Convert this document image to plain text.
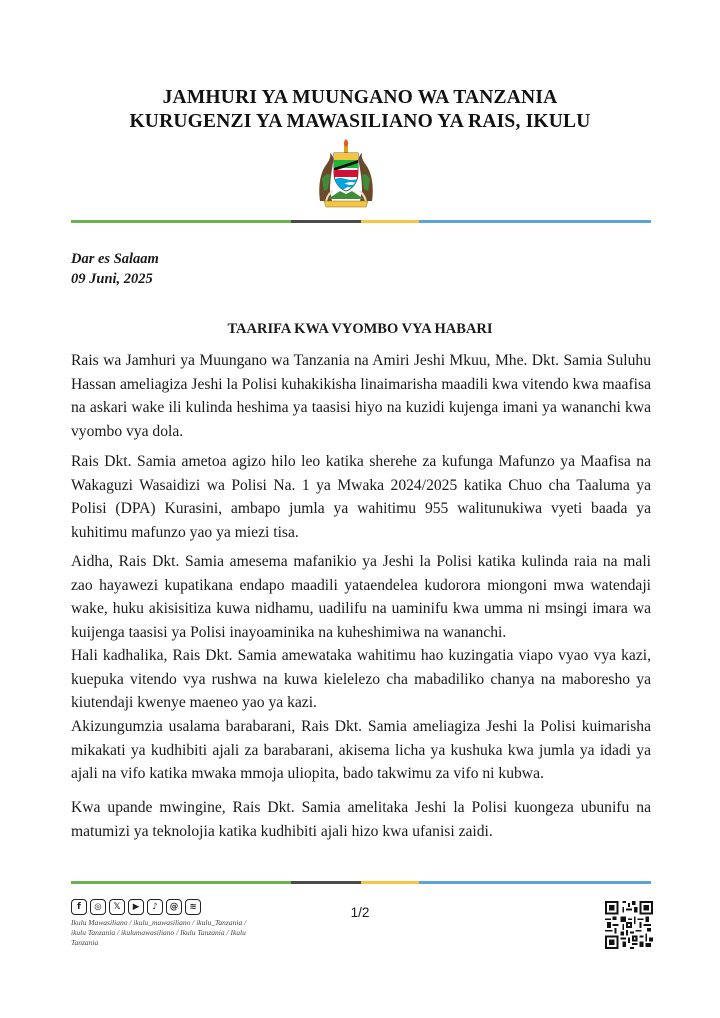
JAMHURI YA MUUNGANO WA TANZANIA
KURUGENZI YA MAWASILIANO YA RAIS, IKULU
Dar es Salaam
09 Juni, 2025
TAARIFA KWA VYOMBO VYA HABARI
Rais wa Jamhuri ya Muungano wa Tanzania na Amiri Jeshi Mkuu, Mhe. Dkt. Samia Suluhu Hassan ameliagiza Jeshi la Polisi kuhakikisha linaimarisha maadili kwa vitendo kwa maafisa na askari wake ili kulinda heshima ya taasisi hiyo na kuzidi kujenga imani ya wananchi kwa vyombo vya dola.
Rais Dkt. Samia ametoa agizo hilo leo katika sherehe za kufunga Mafunzo ya Maafisa na Wakaguzi Wasaidizi wa Polisi Na. 1 ya Mwaka 2024/2025 katika Chuo cha Taaluma ya Polisi (DPA) Kurasini, ambapo jumla ya wahitimu 955 walitunukiwa vyeti baada ya kuhitimu mafunzo yao ya miezi tisa.
Aidha, Rais Dkt. Samia amesema mafanikio ya Jeshi la Polisi katika kulinda raia na mali zao hayawezi kupatikana endapo maadili yataendelea kudorora miongoni mwa watendaji wake, huku akisisitiza kuwa nidhamu, uadilifu na uaminifu kwa umma ni msingi imara wa kuijenga taasisi ya Polisi inayoaminika na kuheshimiwa na wananchi.
Hali kadhalika, Rais Dkt. Samia amewataka wahitimu hao kuzingatia viapo vyao vya kazi, kuepuka vitendo vya rushwa na kuwa kielelezo cha mabadiliko chanya na maboresho ya kiutendaji kwenye maeneo yao ya kazi.
Akizungumzia usalama barabarani, Rais Dkt. Samia ameliagiza Jeshi la Polisi kuimarisha mikakati ya kudhibiti ajali za barabarani, akisema licha ya kushuka kwa jumla ya idadi ya ajali na vifo katika mwaka mmoja uliopita, bado takwimu za vifo ni kubwa.
Kwa upande mwingine, Rais Dkt. Samia amelitaka Jeshi la Polisi kuongeza ubunifu na matumizi ya teknolojia katika kudhibiti ajali hizo kwa ufanisi zaidi.
f	◎	𝕏	▶	♪	@	≋
Ikulu Mawasiliano / ikulu_mawasiliano / ikulu_Tanzania / ikulu Tanzania / ikulumawasiliano / Ikulu Tanzania / Ikulu Tanzania
1/2
